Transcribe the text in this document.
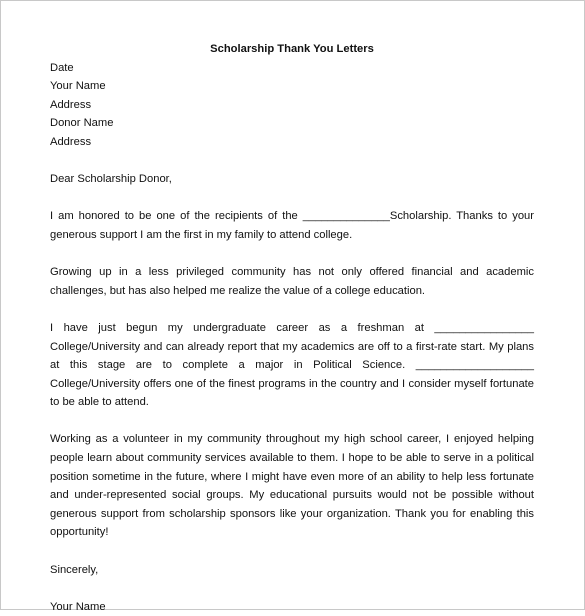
Scholarship Thank You Letters

Date

Your Name

Address

Donor Name

Address

Dear Scholarship Donor,

I am honored to be one of the recipients of the ______________Scholarship. Thanks to your generous support I am the first in my family to attend college.

Growing up in a less privileged community has not only offered financial and academic challenges, but has also helped me realize the value of a college education.

I have just begun my undergraduate career as a freshman at ________________ College/University and can already report that my academics are off to a first-rate start. My plans at this stage are to complete a major in Political Science. ___________________ College/University offers one of the finest programs in the country and I consider myself fortunate to be able to attend.

Working as a volunteer in my community throughout my high school career, I enjoyed helping people learn about community services available to them. I hope to be able to serve in a political position sometime in the future, where I might have even more of an ability to help less fortunate and under-represented social groups. My educational pursuits would not be possible without generous support from scholarship sponsors like your organization. Thank you for enabling this opportunity!

Sincerely,

Your Name
